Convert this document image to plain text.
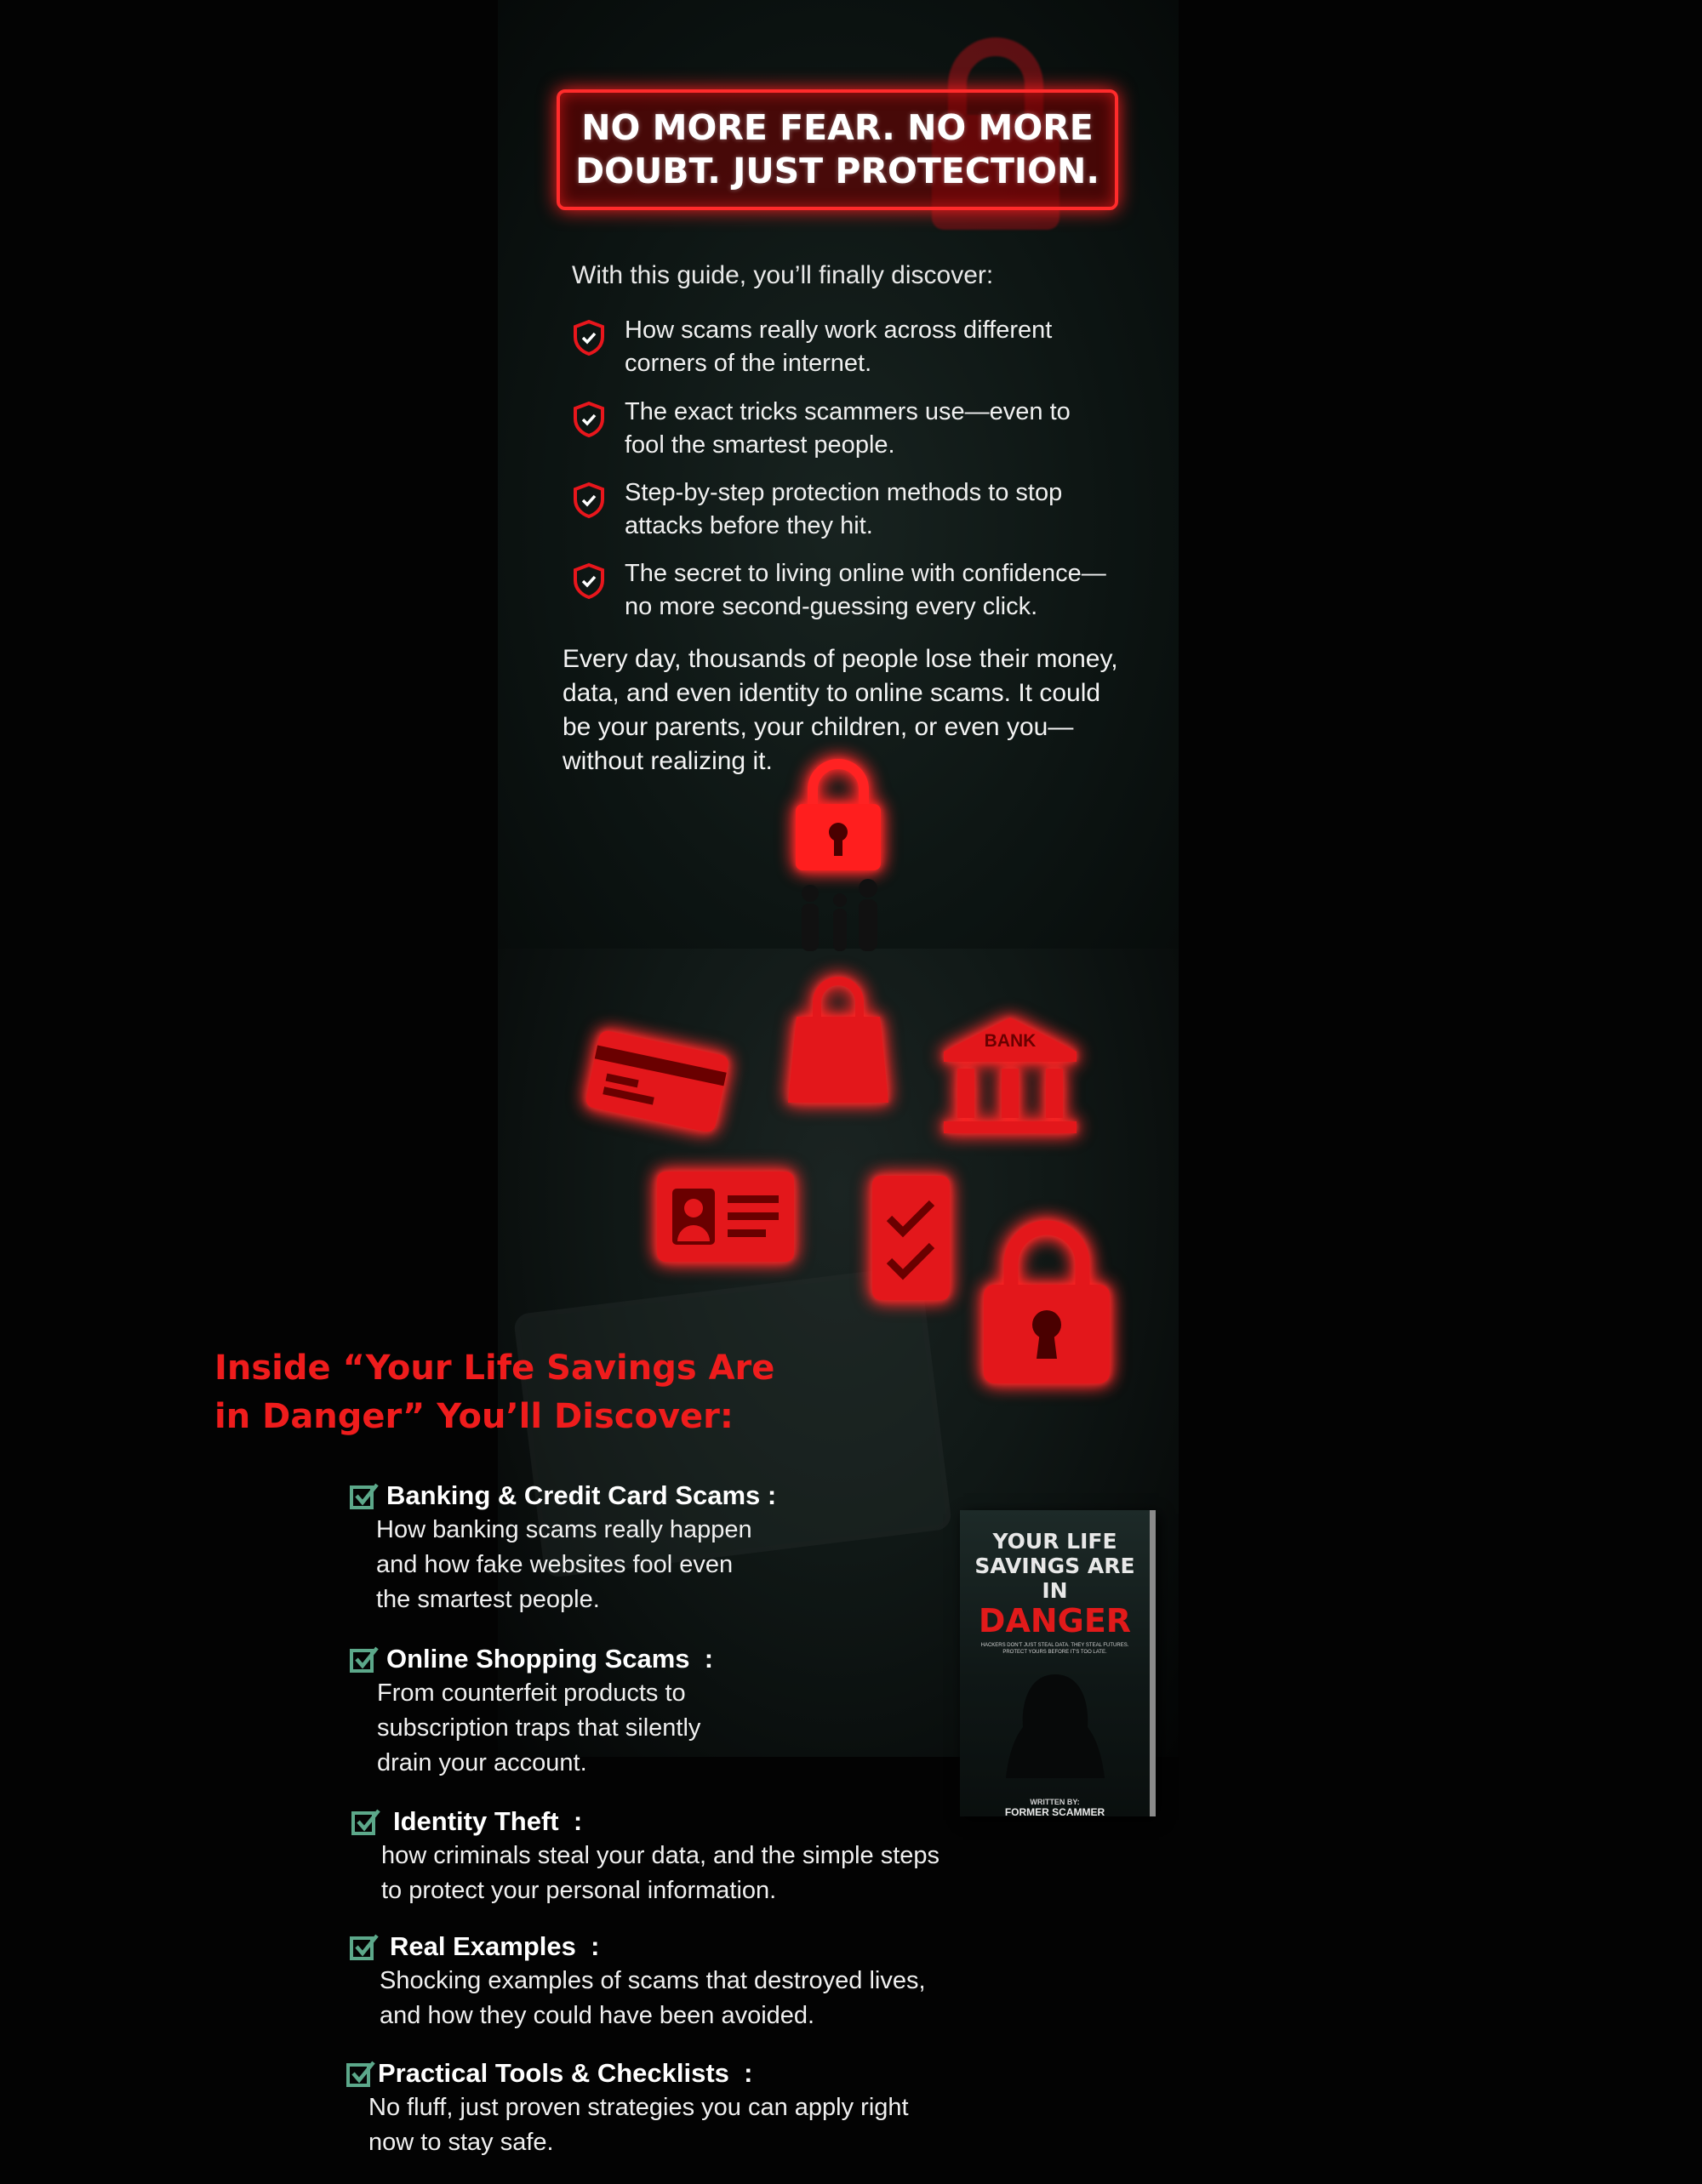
NO MORE FEAR. NO MORE
DOUBT. JUST PROTECTION.

With this guide, you’ll finally discover:
How scams really work across different
corners of the internet.
The exact tricks scammers use—even to
fool the smartest people.
Step-by-step protection methods to stop
attacks before they hit.
The secret to living online with confidence—
no more second-guessing every click.
Every day, thousands of people lose their money,
data, and even identity to online scams. It could
be your parents, your children, or even you—
without realizing it.
BANK
Inside “Your Life Savings Are
in Danger” You’ll Discover:
Banking & Credit Card Scams :
How banking scams really happen
and how fake websites fool even
the smartest people.
Online Shopping Scams  :
From counterfeit products to
subscription traps that silently
drain your account.
Identity Theft  :
how criminals steal your data, and the simple steps
to protect your personal information.
Real Examples  :
Shocking examples of scams that destroyed lives,
and how they could have been avoided.
Practical Tools & Checklists  :
No fluff, just proven strategies you can apply right
now to stay safe.
YOUR LIFE
SAVINGS ARE IN
DANGER
HACKERS DON'T JUST STEAL DATA. THEY STEAL FUTURES. PROTECT YOURS BEFORE IT'S TOO LATE.
WRITTEN BY:
FORMER SCAMMER
